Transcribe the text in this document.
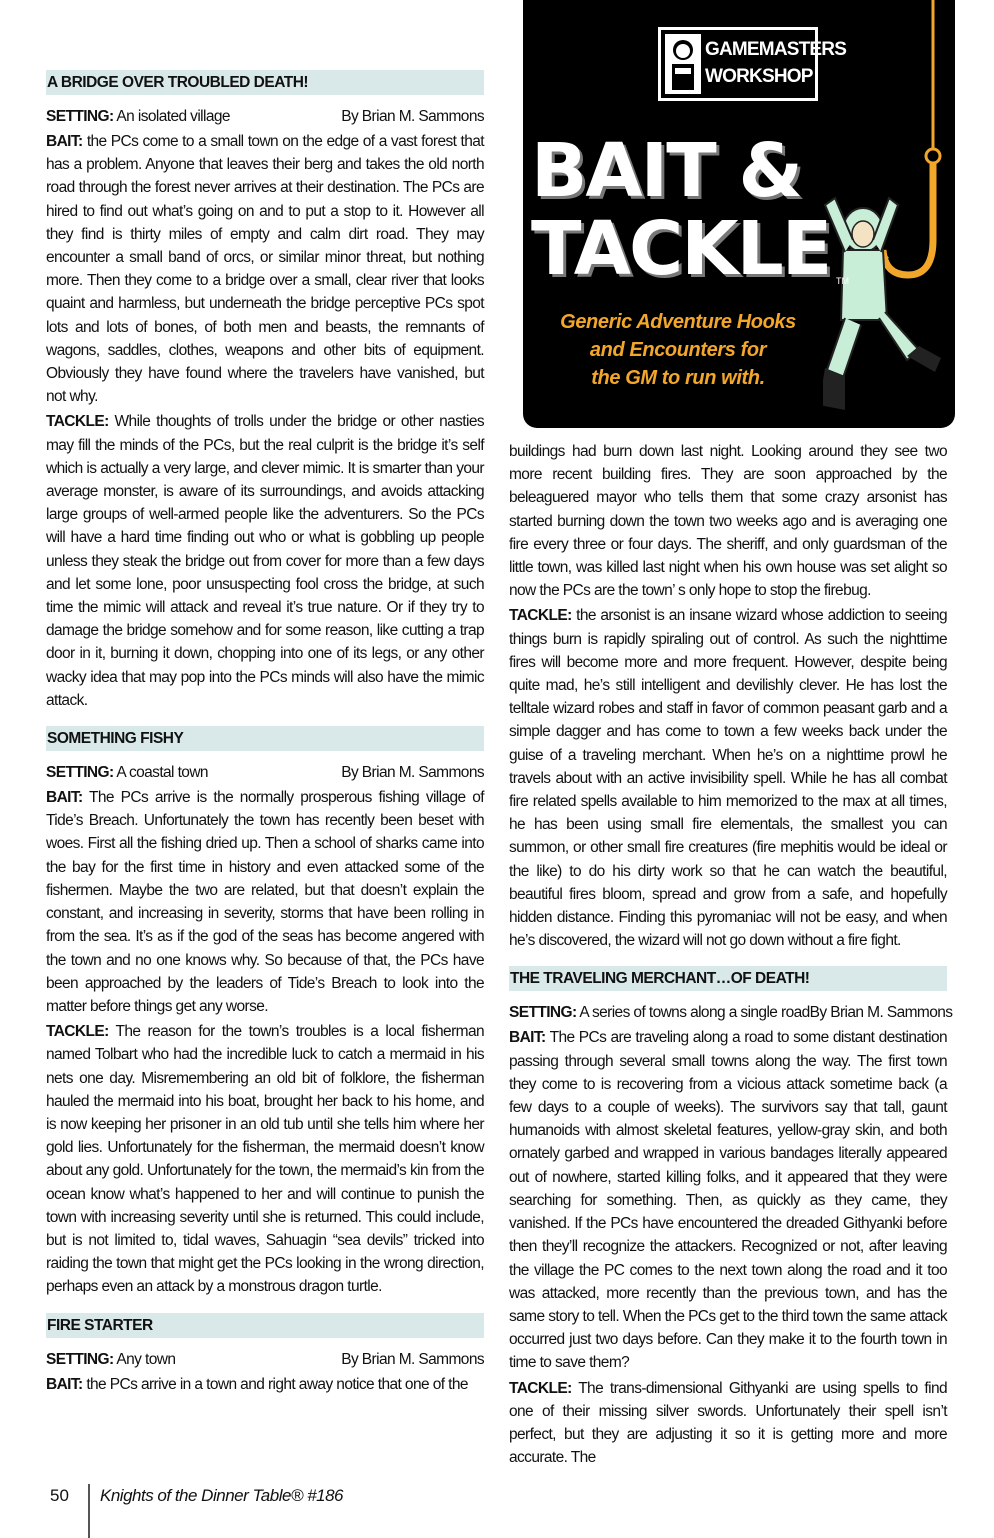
A BRIDGE OVER TROUBLED DEATH!
SETTING: An isolated village	By Brian M. Sammons

BAIT: the PCs come to a small town on the edge of a vast forest that has a problem. Anyone that leaves their berg and takes the old north road through the forest never arrives at their destination. The PCs are hired to find out what’s going on and to put a stop to it. However all they find is thirty miles of empty and calm dirt road. They may encounter a small band of orcs, or similar minor threat, but nothing more. Then they come to a bridge over a small, clear river that looks quaint and harmless, but underneath the bridge perceptive PCs spot lots and lots of bones, of both men and beasts, the remnants of wagons, saddles, clothes, weapons and other bits of equipment. Obviously they have found where the travelers have vanished, but not why.

TACKLE: While thoughts of trolls under the bridge or other nasties may fill the minds of the PCs, but the real culprit is the bridge it’s self which is actually a very large, and clever mimic. It is smarter than your average monster, is aware of its surroundings, and avoids attacking large groups of well-armed people like the adventurers. So the PCs will have a hard time finding out who or what is gobbling up people unless they steak the bridge out from cover for more than a few days and let some lone, poor unsuspecting fool cross the bridge, at such time the mimic will attack and reveal it’s true nature. Or if they try to damage the bridge somehow and for some reason, like cutting a trap door in it, burning it down, chopping into one of its legs, or any other wacky idea that may pop into the PCs minds will also have the mimic attack.

SOMETHING FISHY
SETTING: A coastal town	By Brian M. Sammons

BAIT: The PCs arrive is the normally prosperous fishing village of Tide’s Breach. Unfortunately the town has recently been beset with woes. First all the fishing dried up. Then a school of sharks came into the bay for the first time in history and even attacked some of the fishermen. Maybe the two are related, but that doesn’t explain the constant, and increasing in severity, storms that have been rolling in from the sea. It’s as if the god of the seas has become angered with the town and no one knows why. So because of that, the PCs have been approached by the leaders of Tide’s Breach to look into the matter before things get any worse.

TACKLE: The reason for the town’s troubles is a local fisherman named Tolbart who had the incredible luck to catch a mermaid in his nets one day. Misremembering an old bit of folklore, the fisherman hauled the mermaid into his boat, brought her back to his home, and is now keeping her prisoner in an old tub until she tells him where her gold lies. Unfortunately for the fisherman, the mermaid doesn’t know about any gold. Unfortunately for the town, the mermaid’s kin from the ocean know what’s happened to her and will continue to punish the town with increasing severity until she is returned. This could include, but is not limited to, tidal waves, Sahuagin “sea devils” tricked into raiding the town that might get the PCs looking in the wrong direction, perhaps even an attack by a monstrous dragon turtle.

FIRE STARTER
SETTING: Any town	By Brian M. Sammons

BAIT: the PCs arrive in a town and right away notice that one of the

GAMEMASTERS
WORKSHOP
BAIT &
TACKLE TM
Generic Adventure Hooks
and Encounters for
the GM to run with.

buildings had burn down last night. Looking around they see two more recent building fires. They are soon approached by the beleaguered mayor who tells them that some crazy arsonist has started burning down the town two weeks ago and is averaging one fire every three or four days. The sheriff, and only guardsman of the little town, was killed last night when his own house was set alight so now the PCs are the town’ s only hope to stop the firebug.

TACKLE: the arsonist is an insane wizard whose addiction to seeing things burn is rapidly spiraling out of control. As such the nighttime fires will become more and more frequent. However, despite being quite mad, he’s still intelligent and devilishly clever. He has lost the telltale wizard robes and staff in favor of common peasant garb and a simple dagger and has come to town a few weeks back under the guise of a traveling merchant. When he’s on a nighttime prowl he travels about with an active invisibility spell. While he has all combat fire related spells available to him memorized to the max at all times, he has been using small fire elementals, the smallest you can summon, or other small fire creatures (fire mephitis would be ideal or the like) to do his dirty work so that he can watch the beautiful, beautiful fires bloom, spread and grow from a safe, and hopefully hidden distance. Finding this pyromaniac will not be easy, and when he’s discovered, the wizard will not go down without a fire fight.

THE TRAVELING MERCHANT…OF DEATH!
SETTING: A series of towns along a single road By Brian M. Sammons

BAIT: The PCs are traveling along a road to some distant destination passing through several small towns along the way. The first town they come to is recovering from a vicious attack sometime back (a few days to a couple of weeks). The survivors say that tall, gaunt humanoids with almost skeletal features, yellow-gray skin, and both ornately garbed and wrapped in various bandages literally appeared out of nowhere, started killing folks, and it appeared that they were searching for something. Then, as quickly as they came, they vanished. If the PCs have encountered the dreaded Githyanki before then they’ll recognize the attackers. Recognized or not, after leaving the village the PC comes to the next town along the road and it too was attacked, more recently than the previous town, and has the same story to tell. When the PCs get to the third town the same attack occurred just two days before. Can they make it to the fourth town in time to save them?

TACKLE: The trans-dimensional Githyanki are using spells to find one of their missing silver swords. Unfortunately their spell isn’t perfect, but they are adjusting it so it is getting more and more accurate. The

50 Knights of the Dinner Table® #186
